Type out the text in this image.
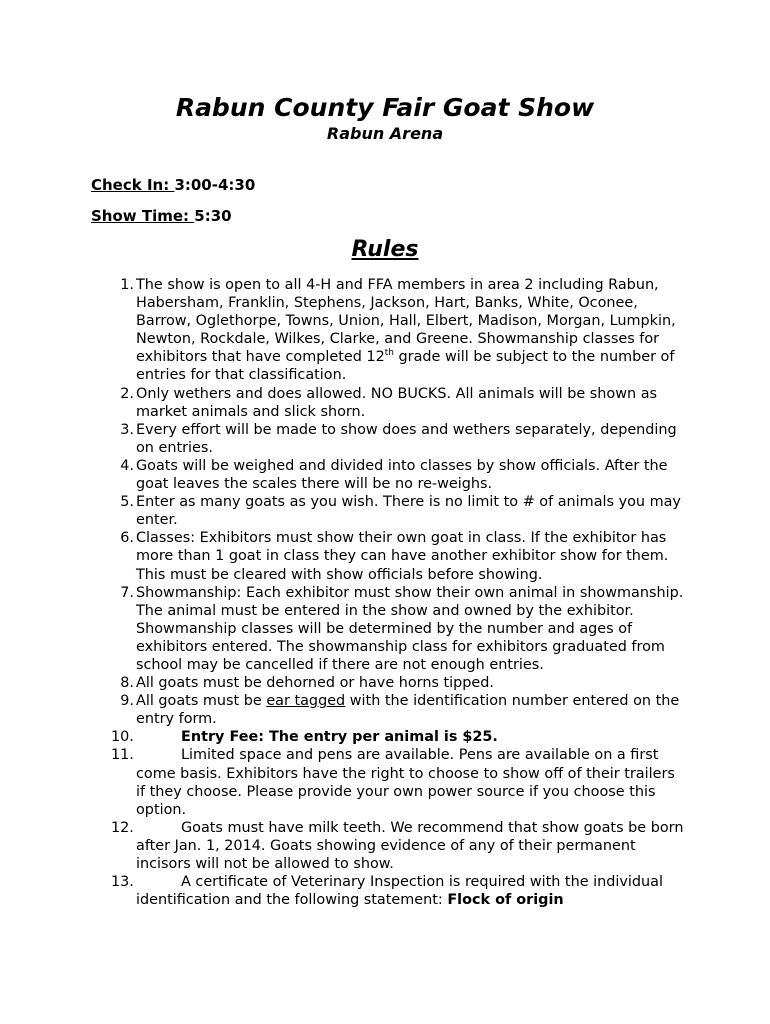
Rabun County Fair Goat Show
Rabun Arena
Check In: 3:00-4:30
Show Time: 5:30
Rules
1. The show is open to all 4-H and FFA members in area 2 including Rabun, Habersham, Franklin, Stephens, Jackson, Hart, Banks, White, Oconee, Barrow, Oglethorpe, Towns, Union, Hall, Elbert, Madison, Morgan, Lumpkin, Newton, Rockdale, Wilkes, Clarke, and Greene. Showmanship classes for exhibitors that have completed 12th grade will be subject to the number of entries for that classification.
2. Only wethers and does allowed. NO BUCKS. All animals will be shown as market animals and slick shorn.
3. Every effort will be made to show does and wethers separately, depending on entries.
4. Goats will be weighed and divided into classes by show officials. After the goat leaves the scales there will be no re-weighs.
5. Enter as many goats as you wish. There is no limit to # of animals you may enter.
6. Classes: Exhibitors must show their own goat in class. If the exhibitor has more than 1 goat in class they can have another exhibitor show for them. This must be cleared with show officials before showing.
7. Showmanship: Each exhibitor must show their own animal in showmanship. The animal must be entered in the show and owned by the exhibitor. Showmanship classes will be determined by the number and ages of exhibitors entered. The showmanship class for exhibitors graduated from school may be cancelled if there are not enough entries.
8. All goats must be dehorned or have horns tipped.
9. All goats must be ear tagged with the identification number entered on the entry form.
10.	Entry Fee: The entry per animal is $25.
11.	Limited space and pens are available. Pens are available on a first come basis. Exhibitors have the right to choose to show off of their trailers if they choose. Please provide your own power source if you choose this option.
12.	Goats must have milk teeth. We recommend that show goats be born after Jan. 1, 2014. Goats showing evidence of any of their permanent incisors will not be allowed to show.
13.	A certificate of Veterinary Inspection is required with the individual identification and the following statement: Flock of origin
